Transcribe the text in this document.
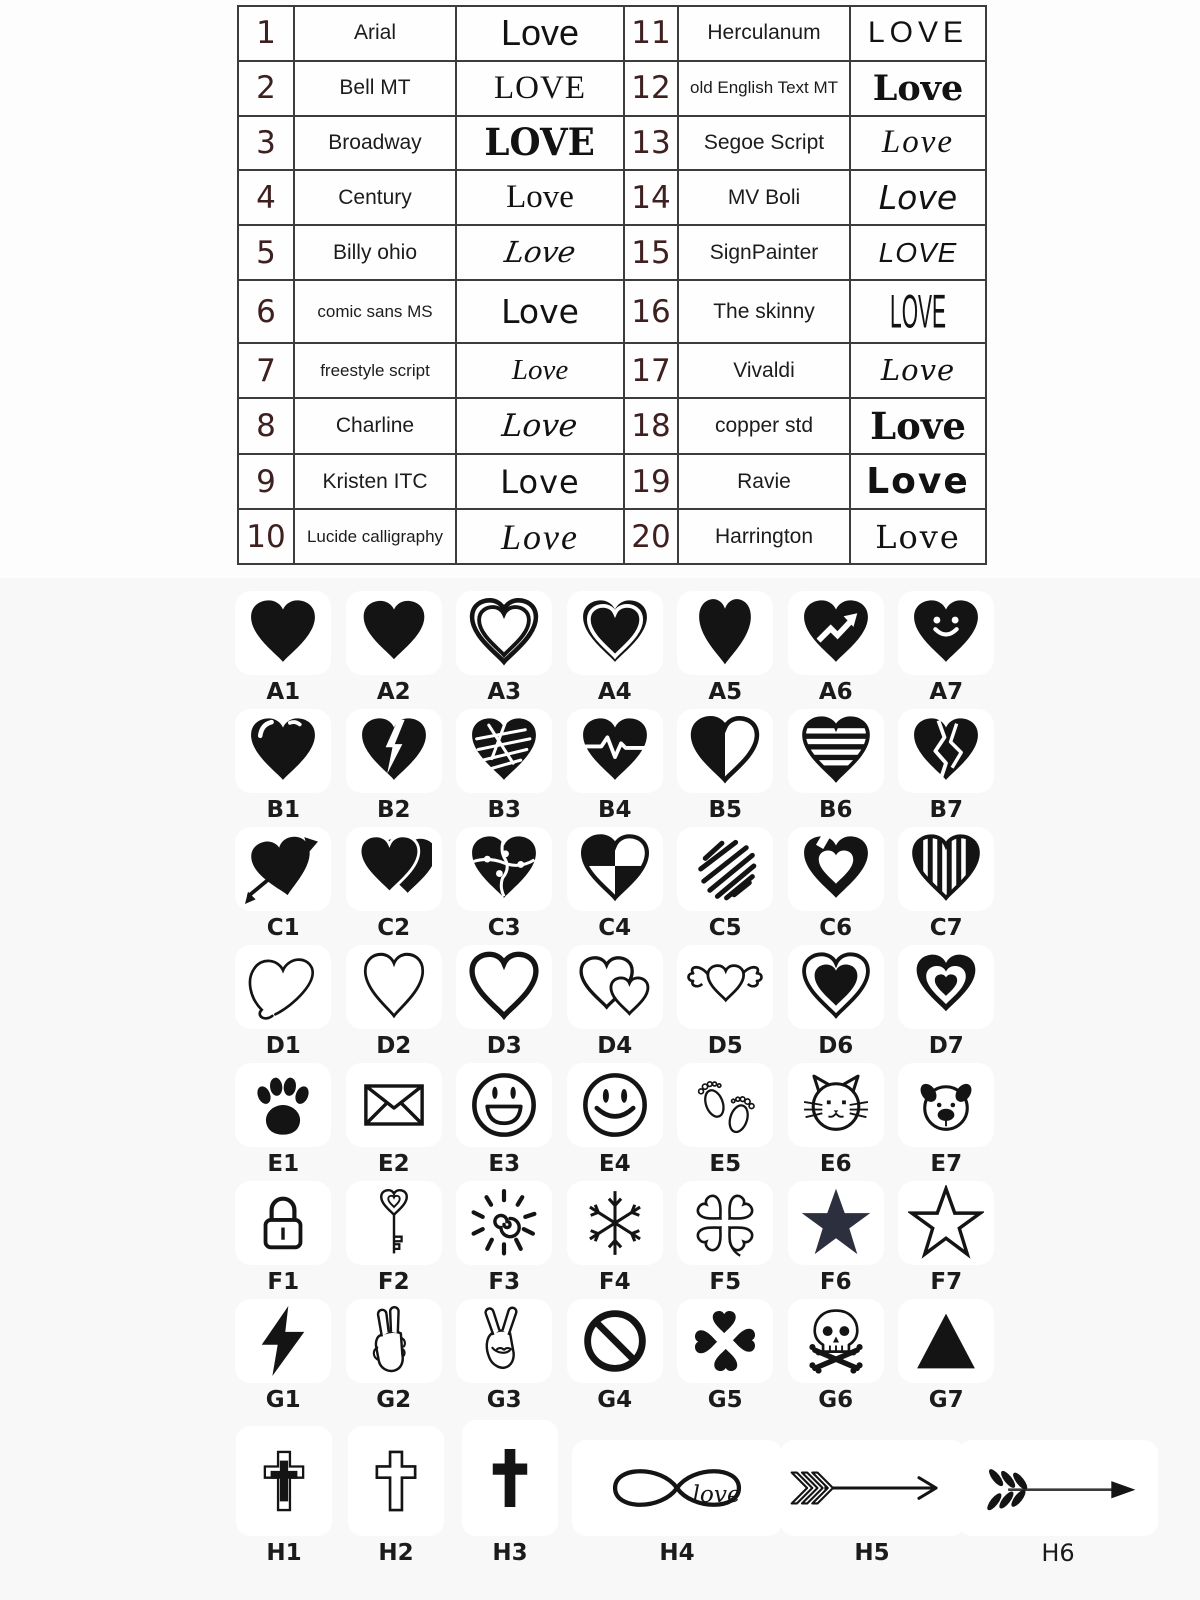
1	Arial	Love	11	Herculanum	LOVE
2	Bell MT	LOVE	12	old English Text MT	Love
3	Broadway	LOVE	13	Segoe Script	Love
4	Century	Love	14	MV Boli	Love
5	Billy ohio	Love	15	SignPainter	LOVE
6	comic sans MS	Love	16	The skinny	LOVE
7	freestyle script	Love	17	Vivaldi	Love
8	Charline	Love	18	copper std	Love
9	Kristen ITC	Love	19	Ravie	Love
10	Lucide calligraphy	Love	20	Harrington	Love
A1	A2	A3	A4	A5	A6	A7
B1	B2	B3	B4	B5	B6	B7
C1	C2	C3	C4	C5	C6	C7
D1	D2	D3	D4	D5	D6	D7
E1	E2	E3	E4	E5	E6	E7
F1	F2	F3	F4	F5	F6	F7
G1	G2	G3	G4	G5	G6	G7
H1	H2	H3
love
H4	H5	H6
